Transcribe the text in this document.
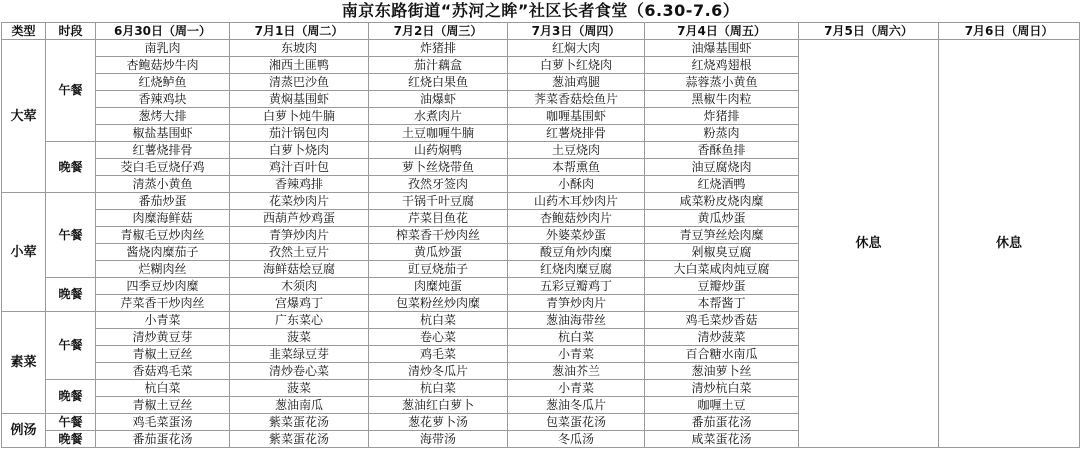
南京东路街道“苏河之眸”社区长者食堂（6.30-7.6）								
类型	时段	6月30日（周一）	7月1日（周二）	7月2日（周三）	7月3日（周四）	7月4日（周五）	7月5日（周六）	7月6日（周日）
大荤	午餐	南乳肉	东坡肉	炸猪排	红焖大肉	油爆基围虾	休息	休息
		杏鲍菇炒牛肉	湘西土匪鸭	茄汁藕盒	白萝卜红烧肉	红烧鸡翅根		
		红烧鲈鱼	清蒸巴沙鱼	红烧白果鱼	葱油鸡腿	蒜蓉蒸小黄鱼		
		香辣鸡块	黄焖基围虾	油爆虾	荠菜香菇烩鱼片	黑椒牛肉粒		
		葱烤大排	白萝卜炖牛腩	水煮肉片	咖喱基围虾	炸猪排		
		椒盐基围虾	茄汁锅包肉	土豆咖喱牛腩	红薯烧排骨	粉蒸肉		
	晚餐	红薯烧排骨	白萝卜烧肉	山药焖鸭	土豆烧肉	香酥鱼排		
		茭白毛豆烧仔鸡	鸡汁百叶包	萝卜丝烧带鱼	本帮熏鱼	油豆腐烧肉		
		清蒸小黄鱼	香辣鸡排	孜然牙签肉	小酥肉	红烧酒鸭		
小荤	午餐	番茄炒蛋	花菜炒肉片	干锅千叶豆腐	山药木耳炒肉片	咸菜粉皮烧肉糜		
		肉糜海鲜菇	西葫芦炒鸡蛋	芹菜目鱼花	杏鲍菇炒肉片	黄瓜炒蛋		
		青椒毛豆炒肉丝	青笋炒肉片	榨菜香干炒肉丝	外婆菜炒蛋	青豆笋丝烩肉糜		
		酱烧肉糜茄子	孜然土豆片	黄瓜炒蛋	酸豆角炒肉糜	剁椒臭豆腐		
		烂糊肉丝	海鲜菇烩豆腐	豇豆烧茄子	红烧肉糜豆腐	大白菜咸肉炖豆腐		
	晚餐	四季豆炒肉糜	木须肉	肉糜炖蛋	五彩豆瓣鸡丁	豆瓣炒蛋		
		芹菜香干炒肉丝	宫爆鸡丁	包菜粉丝炒肉糜	青笋炒肉片	本帮酱丁		
素菜	午餐	小青菜	广东菜心	杭白菜	葱油海带丝	鸡毛菜炒香菇		
		清炒黄豆芽	菠菜	卷心菜	杭白菜	清炒菠菜		
		青椒土豆丝	韭菜绿豆芽	鸡毛菜	小青菜	百合糖水南瓜		
		香菇鸡毛菜	清炒卷心菜	清炒冬瓜片	葱油芥兰	葱油萝卜丝		
	晚餐	杭白菜	菠菜	杭白菜	小青菜	清炒杭白菜		
		青椒土豆丝	葱油南瓜	葱油红白萝卜	葱油冬瓜片	咖喱土豆		
例汤	午餐	鸡毛菜蛋汤	紫菜蛋花汤	葱花萝卜汤	包菜蛋花汤	番茄蛋花汤		
	晚餐	番茄蛋花汤	紫菜蛋花汤	海带汤	冬瓜汤	咸菜蛋花汤		
